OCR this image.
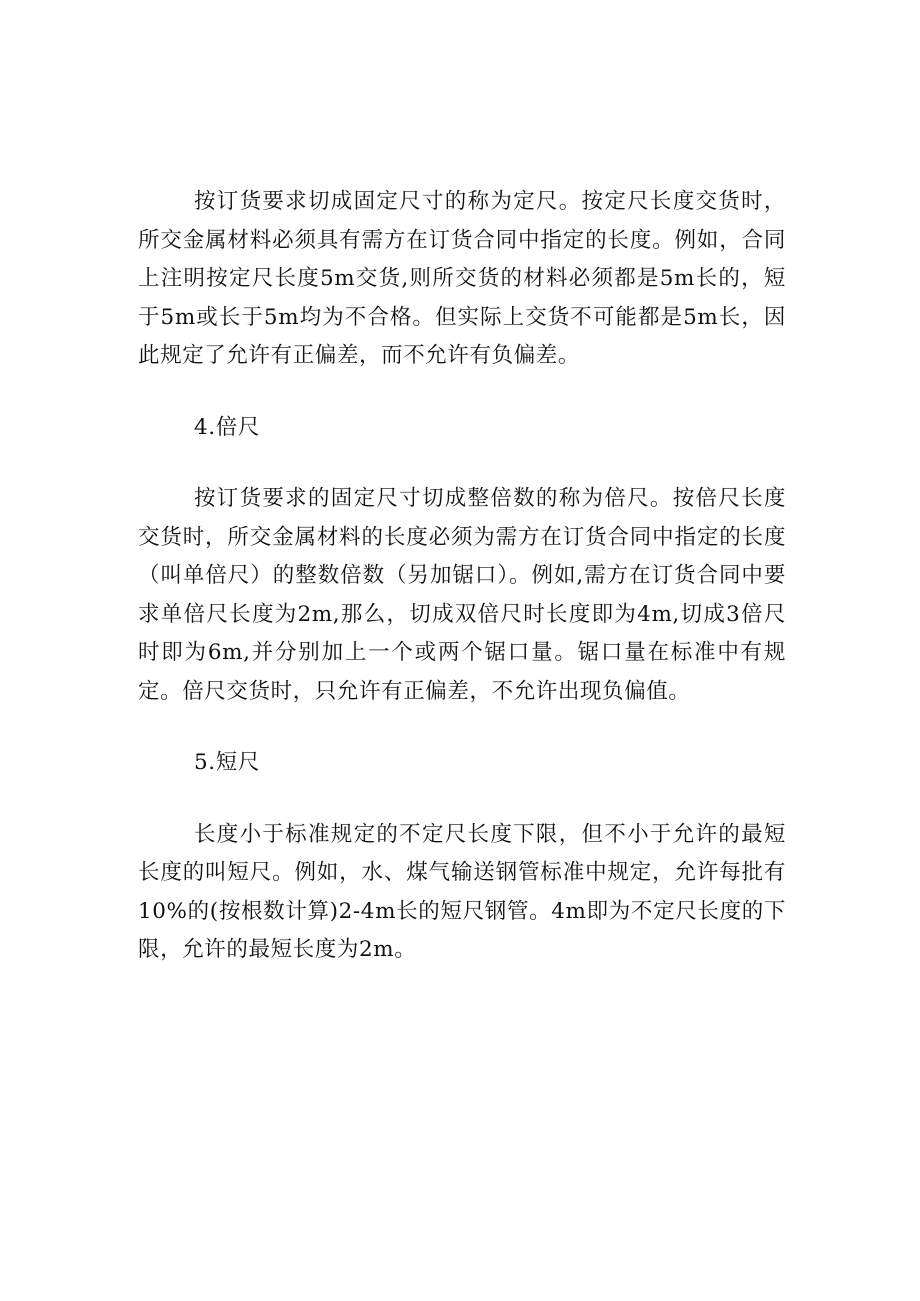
按订货要求切成固定尺寸的称为定尺。按定尺长度交货时，所交金属材料必须具有需方在订货合同中指定的长度。例如，合同上注明按定尺长度5m交货,则所交货的材料必须都是5m长的，短于5m或长于5m均为不合格。但实际上交货不可能都是5m长，因此规定了允许有正偏差，而不允许有负偏差。

4.倍尺

按订货要求的固定尺寸切成整倍数的称为倍尺。按倍尺长度交货时，所交金属材料的长度必须为需方在订货合同中指定的长度（叫单倍尺）的整数倍数（另加锯口）。例如,需方在订货合同中要求单倍尺长度为2m,那么，切成双倍尺时长度即为4m,切成3倍尺时即为6m,并分别加上一个或两个锯口量。锯口量在标准中有规定。倍尺交货时，只允许有正偏差，不允许出现负偏值。

5.短尺

长度小于标准规定的不定尺长度下限，但不小于允许的最短长度的叫短尺。例如，水、煤气输送钢管标准中规定，允许每批有10%的(按根数计算)2-4m长的短尺钢管。4m即为不定尺长度的下限，允许的最短长度为2m。
